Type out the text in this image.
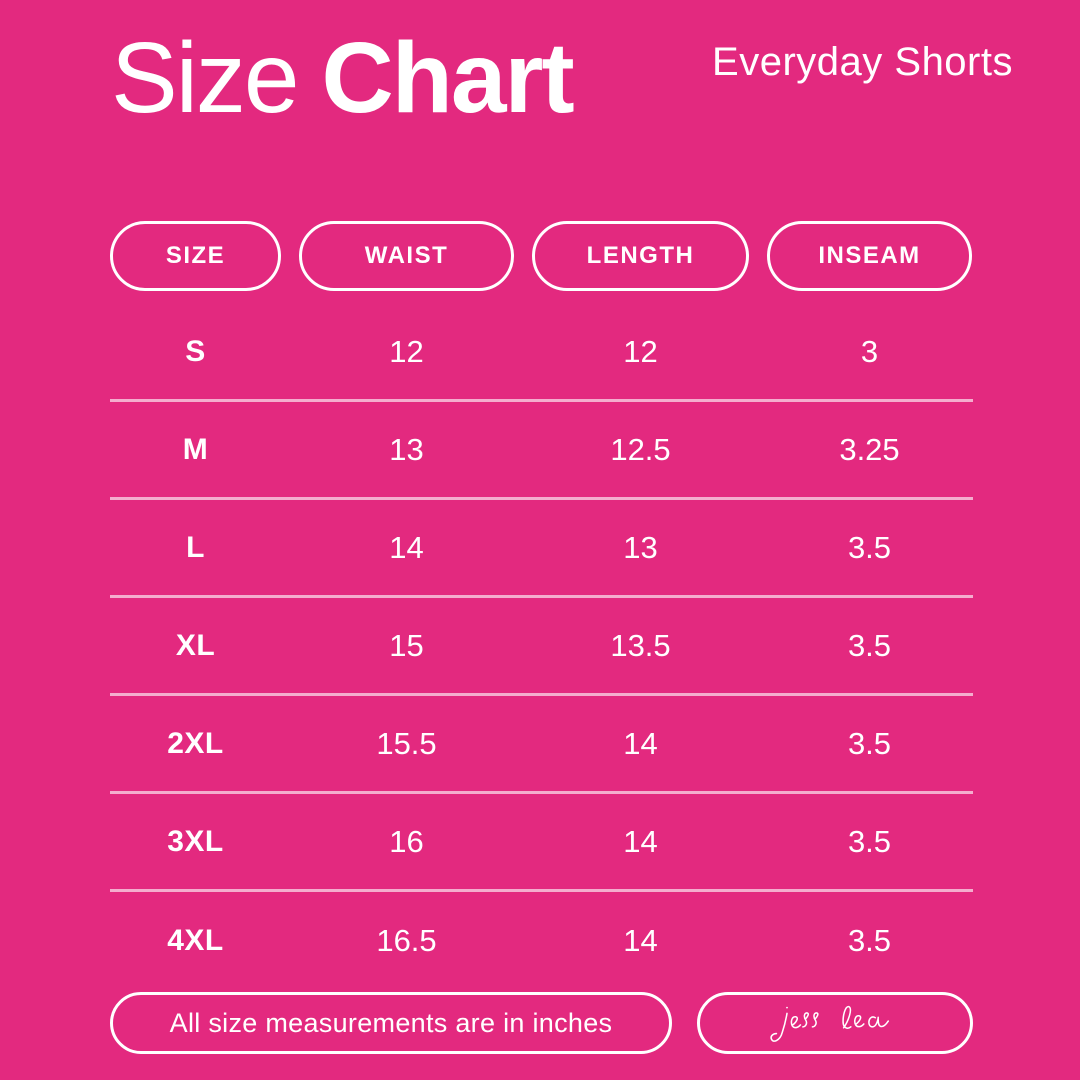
Size Chart	Everyday Shorts
SIZE	WAIST	LENGTH	INSEAM
S	12	12	3
M	13	12.5	3.25
L	14	13	3.5
XL	15	13.5	3.5
2XL	15.5	14	3.5
3XL	16	14	3.5
4XL	16.5	14	3.5
All size measurements are in inches
